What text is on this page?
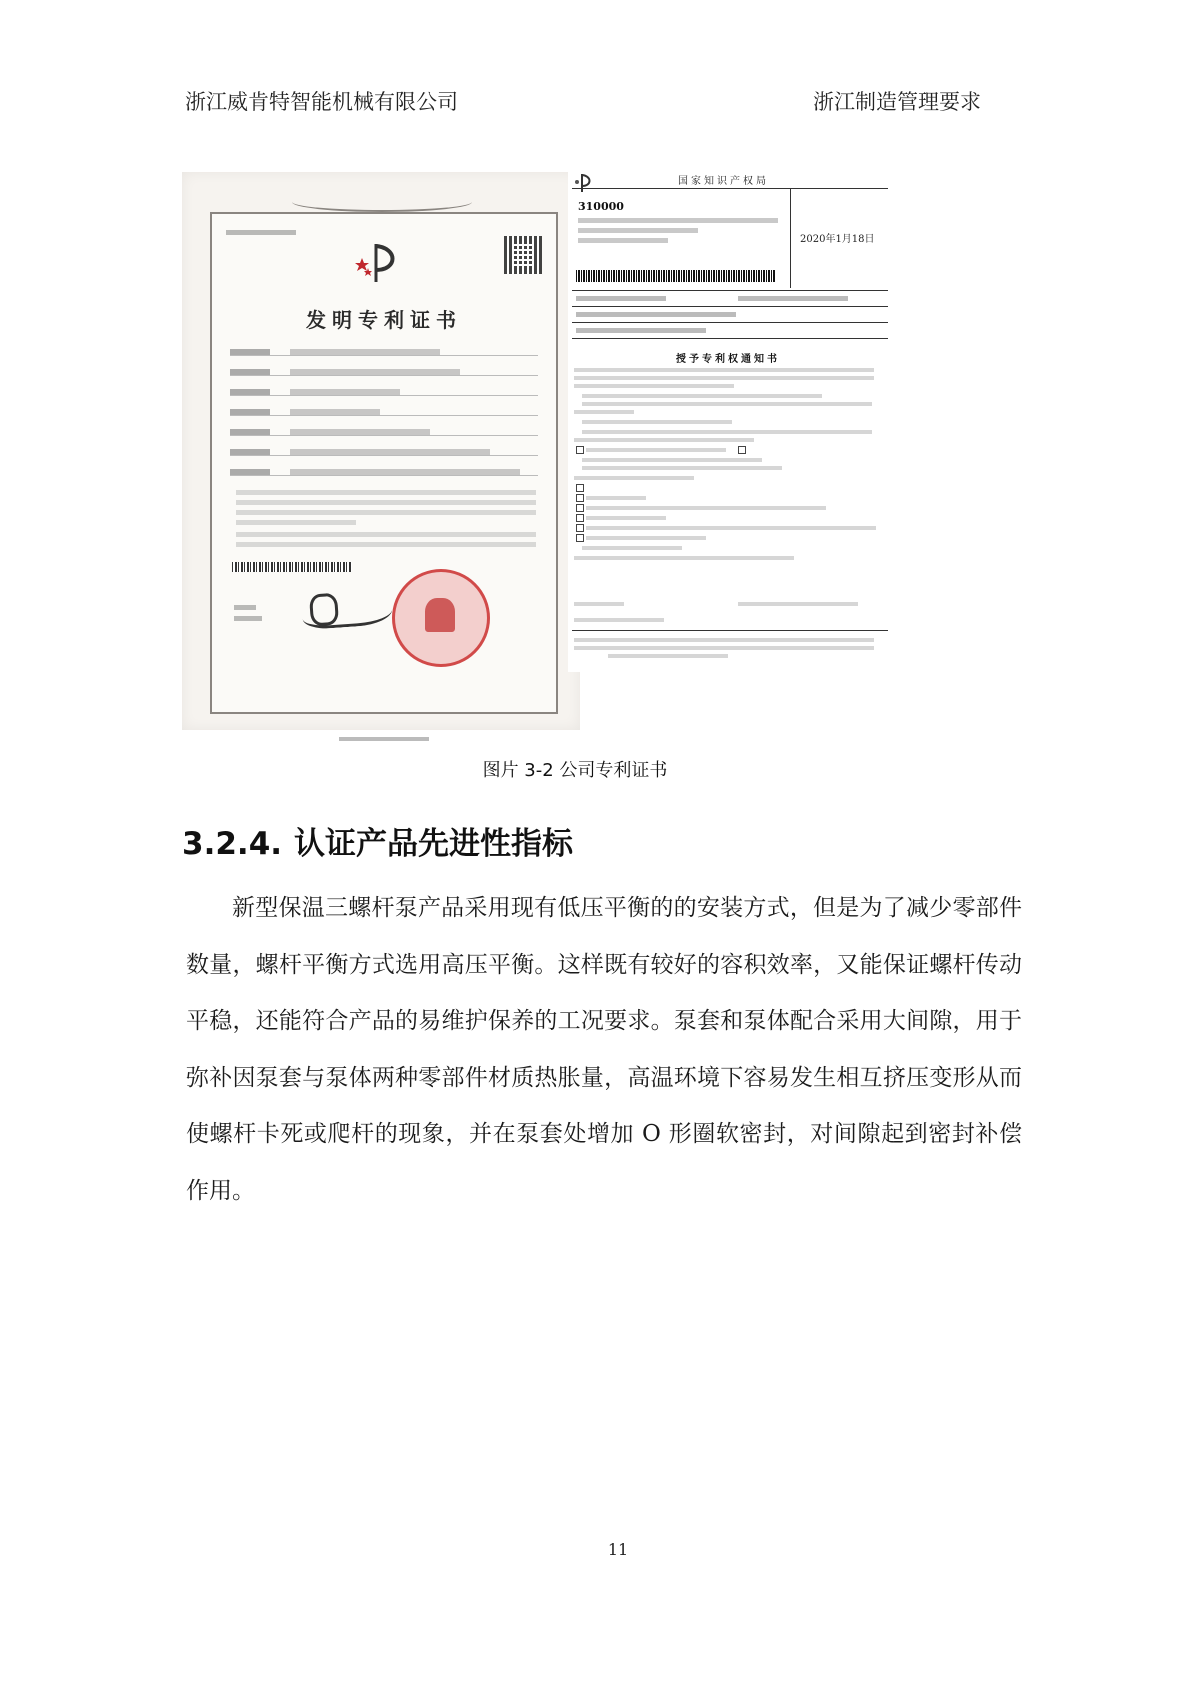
浙江威肯特智能机械有限公司	浙江制造管理要求
发明专利证书

国家知识产权局
310000
2020年1月18日
授予专利权通知书
图片 3-2 公司专利证书
3.2.4. 认证产品先进性指标
新型保温三螺杆泵产品采用现有低压平衡的的安装方式，但是为了减少零部件数量，螺杆平衡方式选用高压平衡。这样既有较好的容积效率，又能保证螺杆传动平稳，还能符合产品的易维护保养的工况要求。泵套和泵体配合采用大间隙，用于弥补因泵套与泵体两种零部件材质热胀量，高温环境下容易发生相互挤压变形从而使螺杆卡死或爬杆的现象，并在泵套处增加 O 形圈软密封，对间隙起到密封补偿作用。
11
